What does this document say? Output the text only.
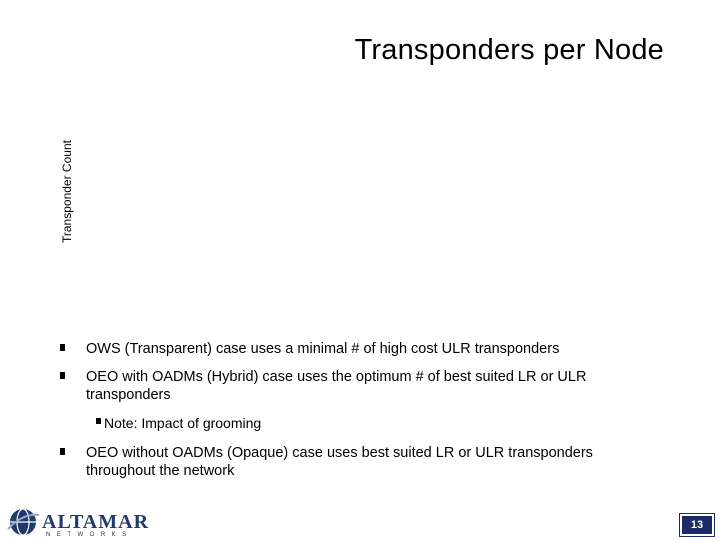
Transponders per Node
Transponder Count
OWS (Transparent) case uses a minimal # of high cost ULR transponders
OEO with OADMs (Hybrid) case uses the optimum # of best suited LR or ULR transponders
Note: Impact of grooming
OEO without OADMs (Opaque) case uses best suited LR or ULR transponders throughout the network
ALTAMAR
NETWORKS
13
